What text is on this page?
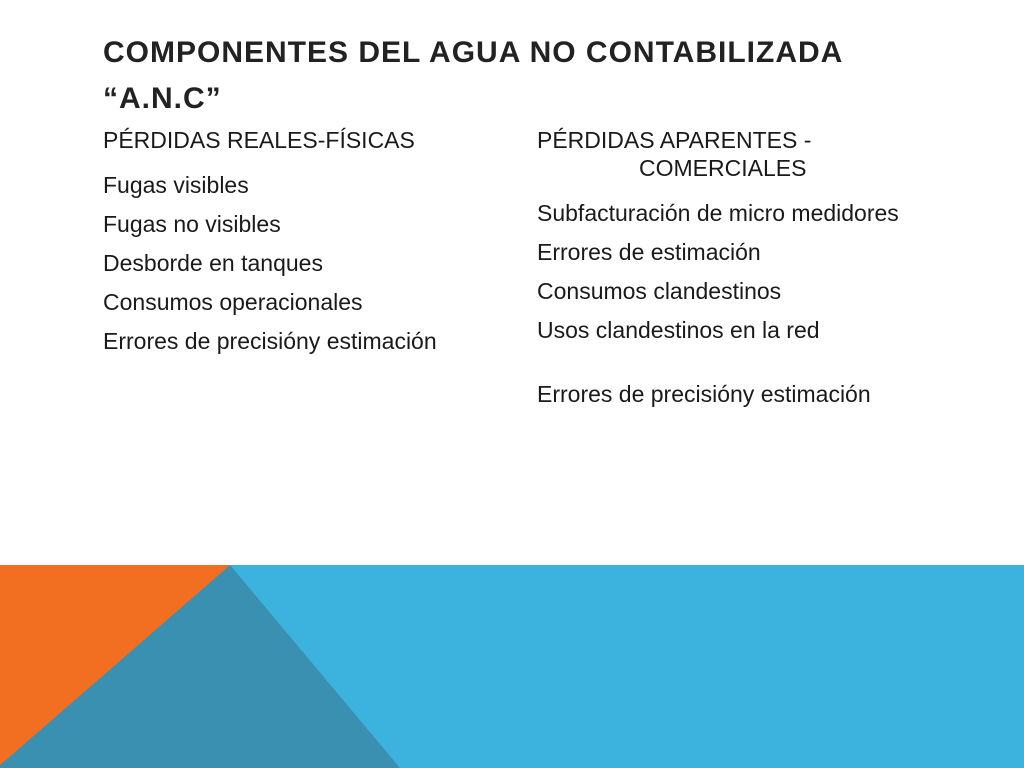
COMPONENTES DEL AGUA NO CONTABILIZADA
“A.N.C”
PÉRDIDAS REALES-FÍSICAS
Fugas visibles
Fugas no visibles
Desborde en tanques
Consumos operacionales
Errores de precisióny estimación
PÉRDIDAS APARENTES -
COMERCIALES
Subfacturación de micro medidores
Errores de estimación
Consumos clandestinos
Usos clandestinos en la red
Errores de precisióny estimación
